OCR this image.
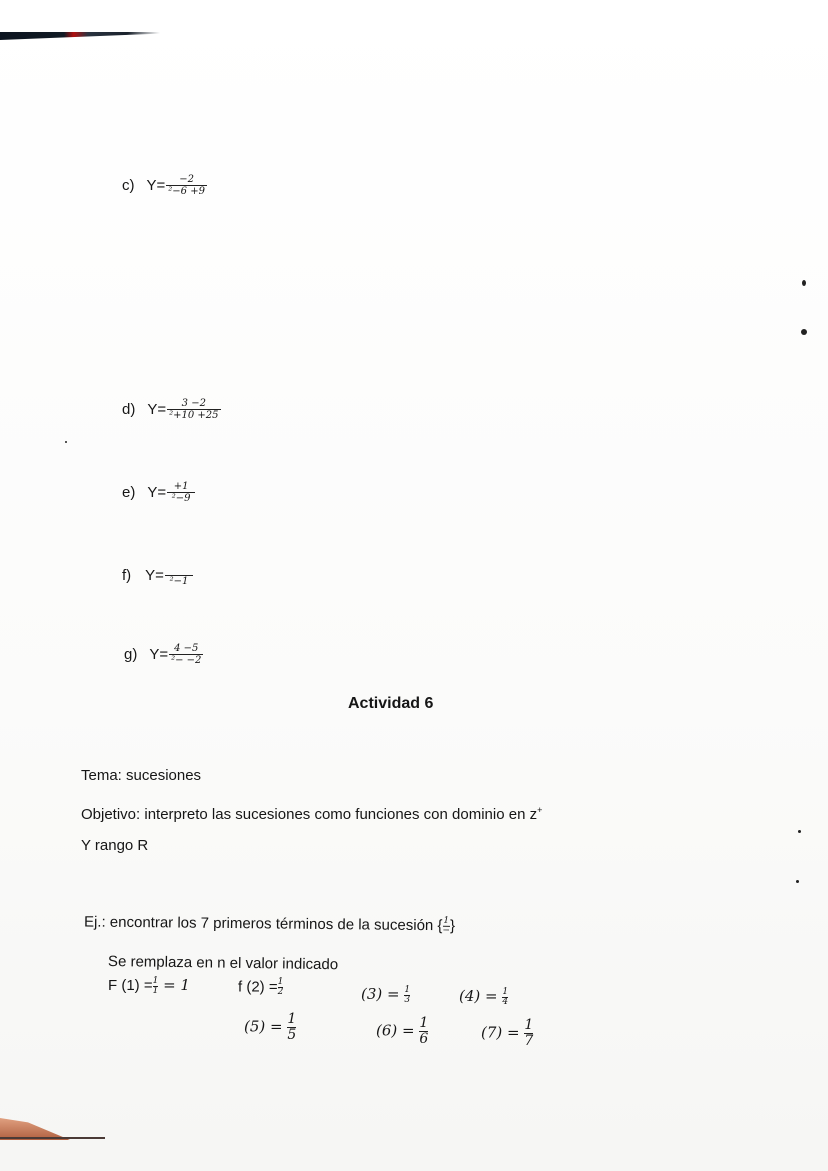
c) $Y= \frac{-2}{\text{²−6 +9}}$
d) $Y= \frac{3 -2}{\text{²+10 +25}}$
e) $Y= \frac{+1}{\text{²−9}}$
f) Y= ²−1
g) $Y= \frac{4 -5}{\text{²− −2}}$
Actividad 6
Tema: sucesiones
Objetivo: interpreto las sucesiones como funciones con dominio en z+
Y rango R
Ej.: encontrar los 7 primeros términos de la sucesión { 1
− }
Se remplaza en n el valor indicado
F $(1) = \frac{1}{1} = 1$	f $(2) = \frac{1}{2}$	$(3) = \frac{1}{3}$	$(4) = \frac{1}{4}$
$(5) = \frac{1}{5}$	$(6) = \frac{1}{6}$	$(7) = \frac{1}{7}$
